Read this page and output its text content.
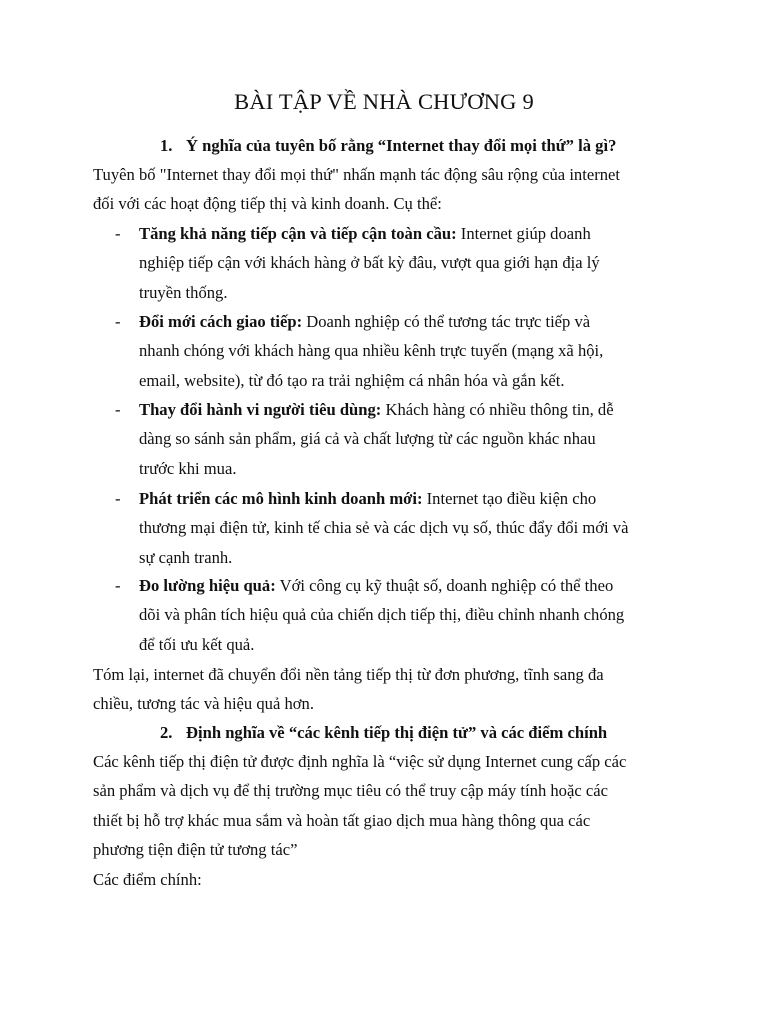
BÀI TẬP VỀ NHÀ CHƯƠNG 9
1. Ý nghĩa của tuyên bố rằng “Internet thay đổi mọi thứ” là gì?
Tuyên bố "Internet thay đổi mọi thứ" nhấn mạnh tác động sâu rộng của internet
đối với các hoạt động tiếp thị và kinh doanh. Cụ thể:
- Tăng khả năng tiếp cận và tiếp cận toàn cầu: Internet giúp doanh
nghiệp tiếp cận với khách hàng ở bất kỳ đâu, vượt qua giới hạn địa lý
truyền thống.
- Đổi mới cách giao tiếp: Doanh nghiệp có thể tương tác trực tiếp và
nhanh chóng với khách hàng qua nhiều kênh trực tuyến (mạng xã hội,
email, website), từ đó tạo ra trải nghiệm cá nhân hóa và gắn kết.
- Thay đổi hành vi người tiêu dùng: Khách hàng có nhiều thông tin, dễ
dàng so sánh sản phẩm, giá cả và chất lượng từ các nguồn khác nhau
trước khi mua.
- Phát triển các mô hình kinh doanh mới: Internet tạo điều kiện cho
thương mại điện tử, kinh tế chia sẻ và các dịch vụ số, thúc đẩy đổi mới và
sự cạnh tranh.
- Đo lường hiệu quả: Với công cụ kỹ thuật số, doanh nghiệp có thể theo
dõi và phân tích hiệu quả của chiến dịch tiếp thị, điều chỉnh nhanh chóng
để tối ưu kết quả.
Tóm lại, internet đã chuyển đổi nền tảng tiếp thị từ đơn phương, tĩnh sang đa
chiều, tương tác và hiệu quả hơn.
2. Định nghĩa về “các kênh tiếp thị điện tử” và các điểm chính
Các kênh tiếp thị điện tử được định nghĩa là “việc sử dụng Internet cung cấp các
sản phẩm và dịch vụ để thị trường mục tiêu có thể truy cập máy tính hoặc các
thiết bị hỗ trợ khác mua sắm và hoàn tất giao dịch mua hàng thông qua các
phương tiện điện tử tương tác”
Các điểm chính:
